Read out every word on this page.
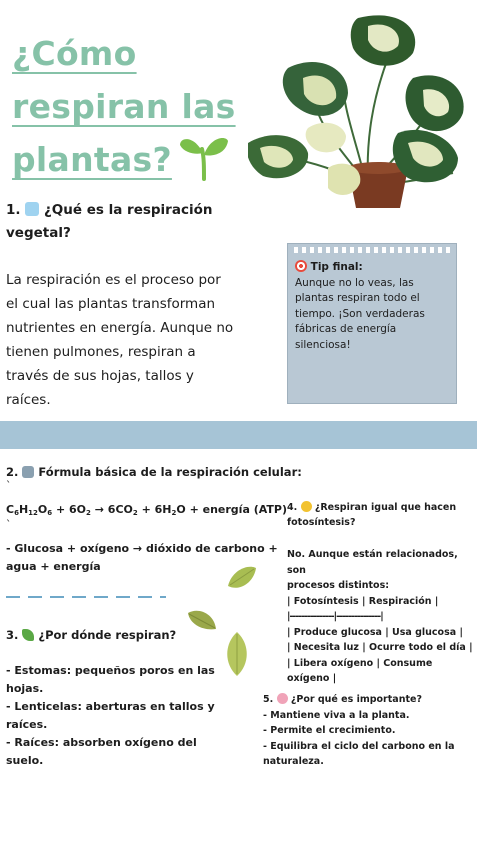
¿Cómo
respiran las
plantas?
1. ¿Qué es la respiración
vegetal?
La respiración es el proceso por
el cual las plantas transforman
nutrientes en energía. Aunque no
tienen pulmones, respiran a
través de sus hojas, tallos y
raíces.
Tip final:
Aunque no lo veas, las
plantas respiran todo el
tiempo. ¡Son verdaderas
fábricas de energía
silenciosa!
2. Fórmula básica de la respiración celular:
`
$C_6H_{12}O_6 + 6O_2 \to 6CO_2 + 6H_2O$ + energía (ATP)
`
- Glucosa + oxígeno → dióxido de carbono +
agua + energía
3. ¿Por dónde respiran?
- Estomas: pequeños poros en las
hojas.
- Lenticelas: aberturas en tallos y
raíces.
- Raíces: absorben oxígeno del suelo.
4. ¿Respiran igual que hacen
fotosíntesis?
No. Aunque están relacionados, son
procesos distintos:
| Fotosíntesis | Respiración |
|---------------|---------------|
| Produce glucosa | Usa glucosa |
| Necesita luz | Ocurre todo el día |
| Libera oxígeno | Consume oxígeno |
5. ¿Por qué es importante?
- Mantiene viva a la planta.
- Permite el crecimiento.
- Equilibra el ciclo del carbono en la
naturaleza.
